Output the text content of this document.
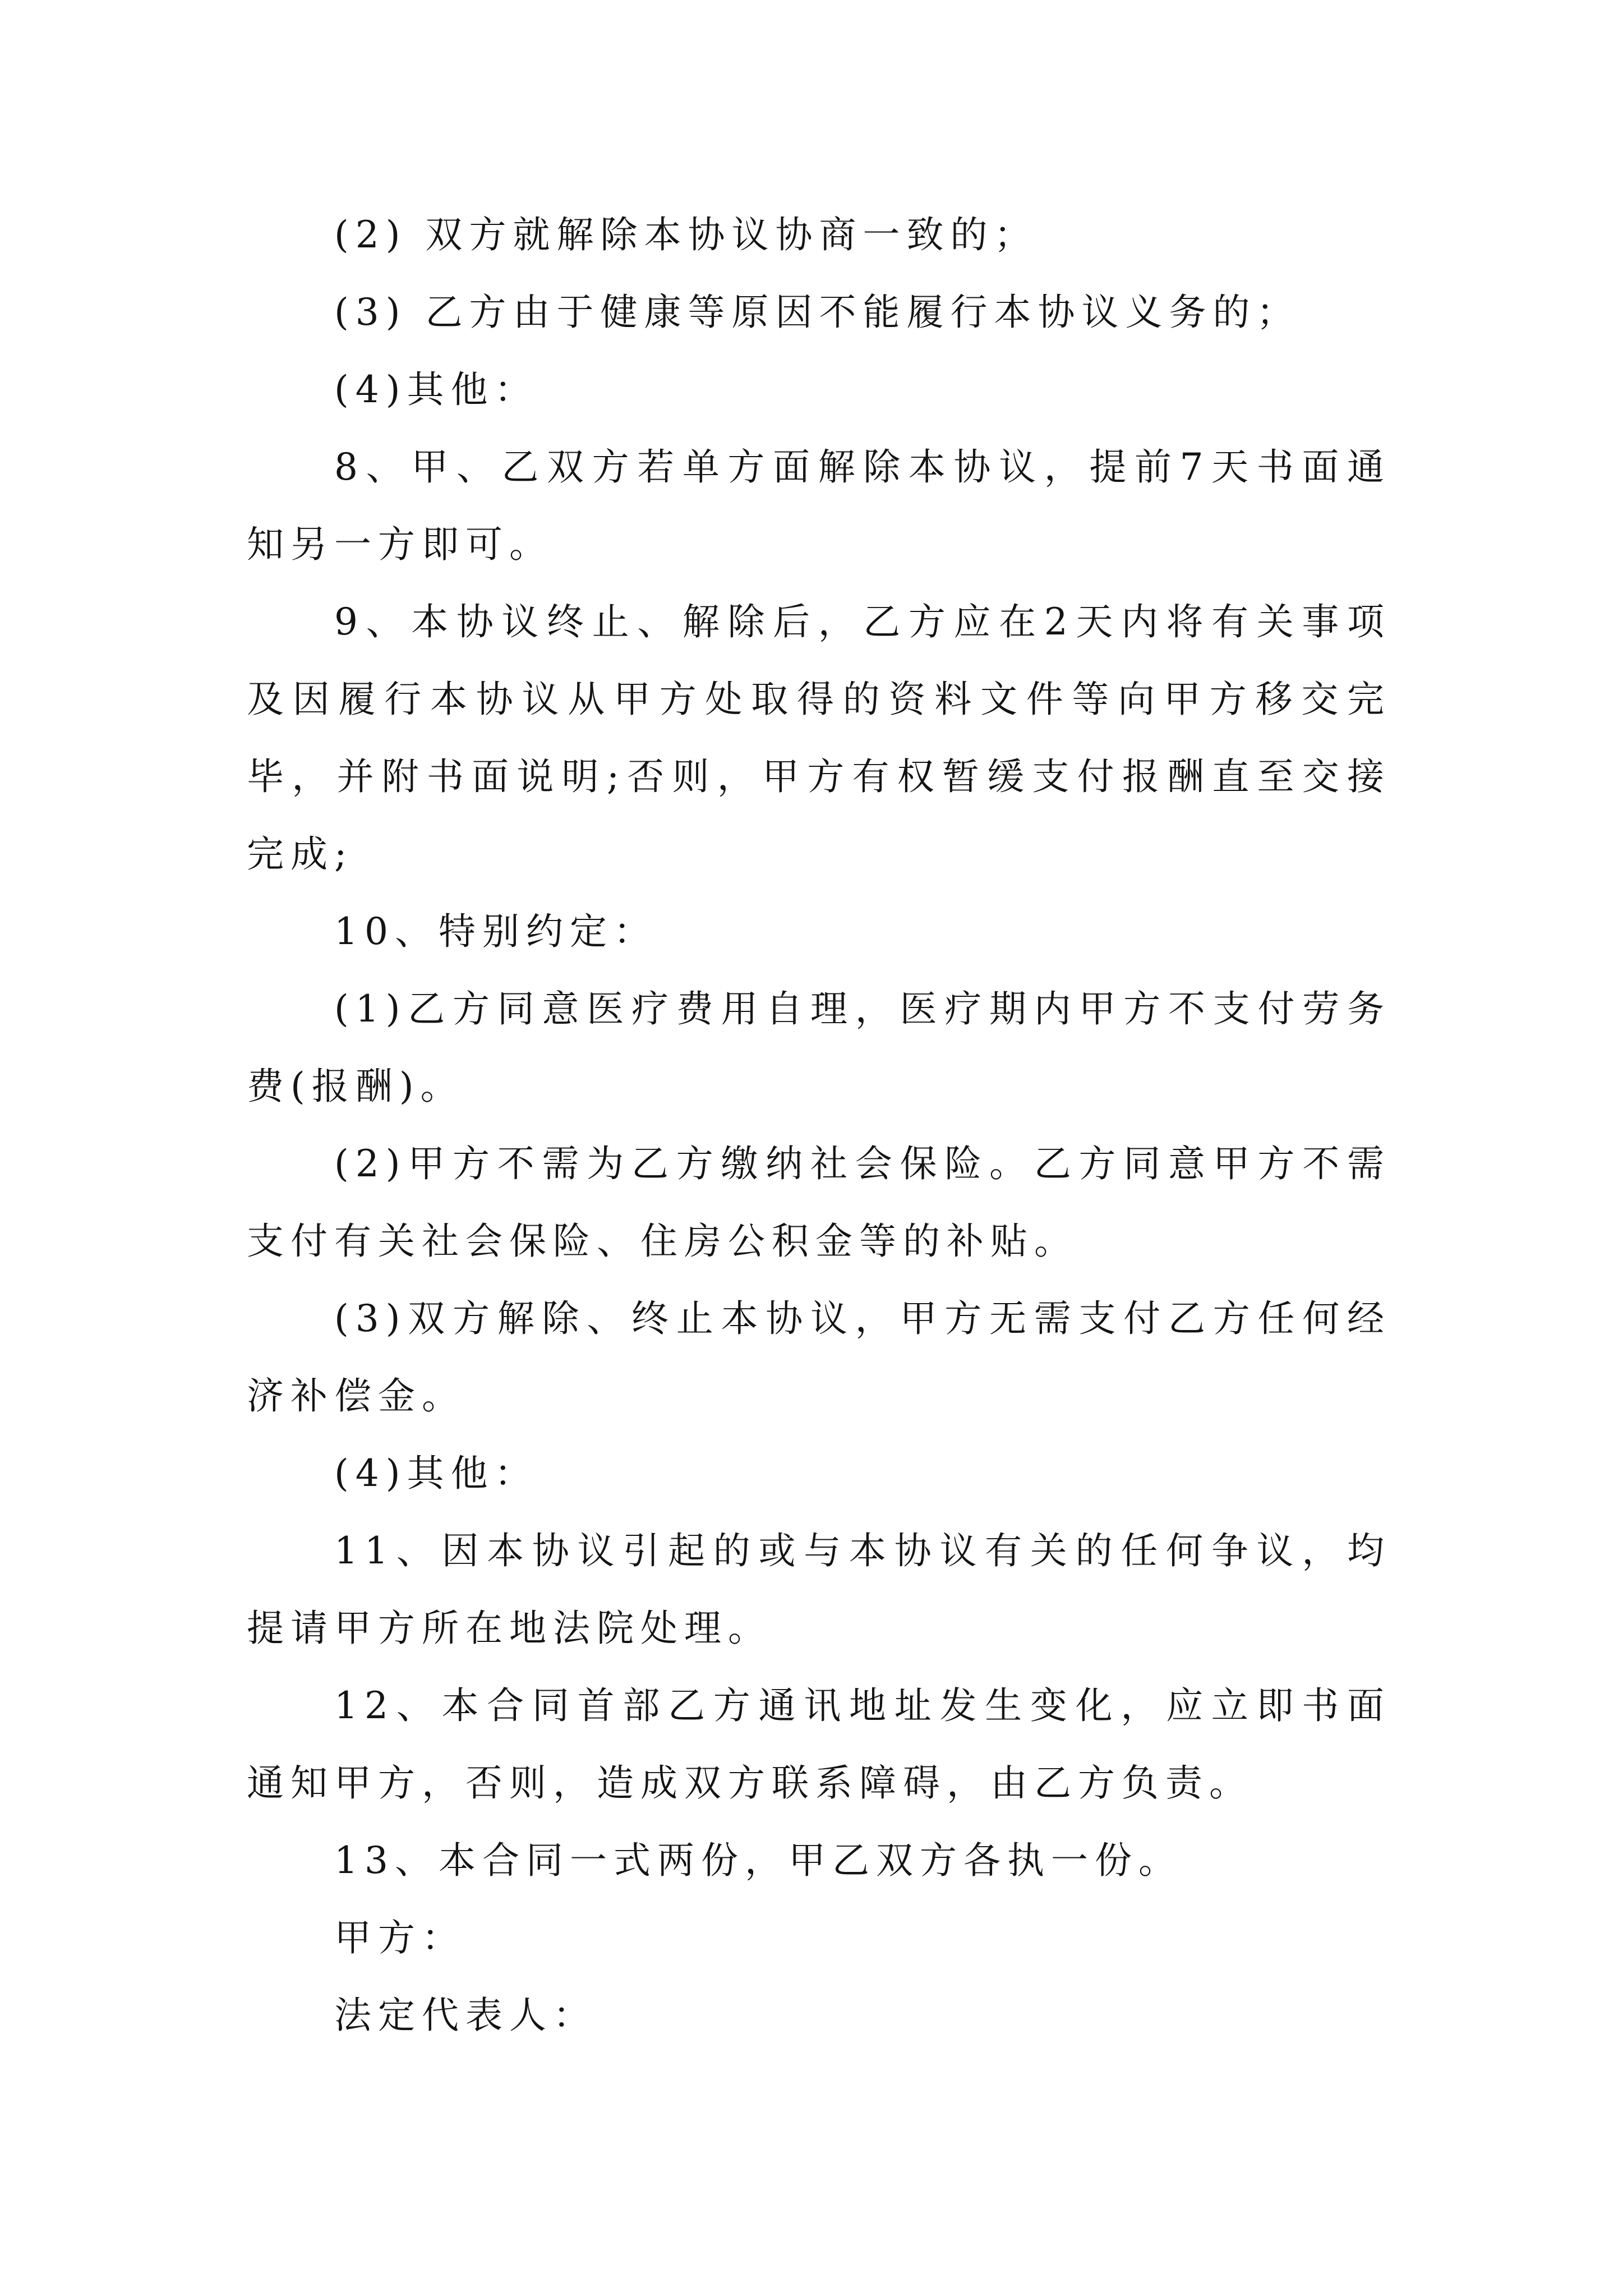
(2) 双方就解除本协议协商一致的；

(3) 乙方由于健康等原因不能履行本协议义务的；

(4)其他：

8、甲、乙双方若单方面解除本协议，提前7天书面通知另一方即可。

9、本协议终止、解除后，乙方应在2天内将有关事项及因履行本协议从甲方处取得的资料文件等向甲方移交完毕，并附书面说明;否则，甲方有权暂缓支付报酬直至交接完成;

10、特别约定：

(1)乙方同意医疗费用自理，医疗期内甲方不支付劳务费(报酬)。

(2)甲方不需为乙方缴纳社会保险。乙方同意甲方不需支付有关社会保险、住房公积金等的补贴。

(3)双方解除、终止本协议，甲方无需支付乙方任何经济补偿金。

(4)其他：

11、因本协议引起的或与本协议有关的任何争议，均提请甲方所在地法院处理。

12、本合同首部乙方通讯地址发生变化，应立即书面通知甲方，否则，造成双方联系障碍，由乙方负责。

13、本合同一式两份，甲乙双方各执一份。

甲方：

法定代表人：
